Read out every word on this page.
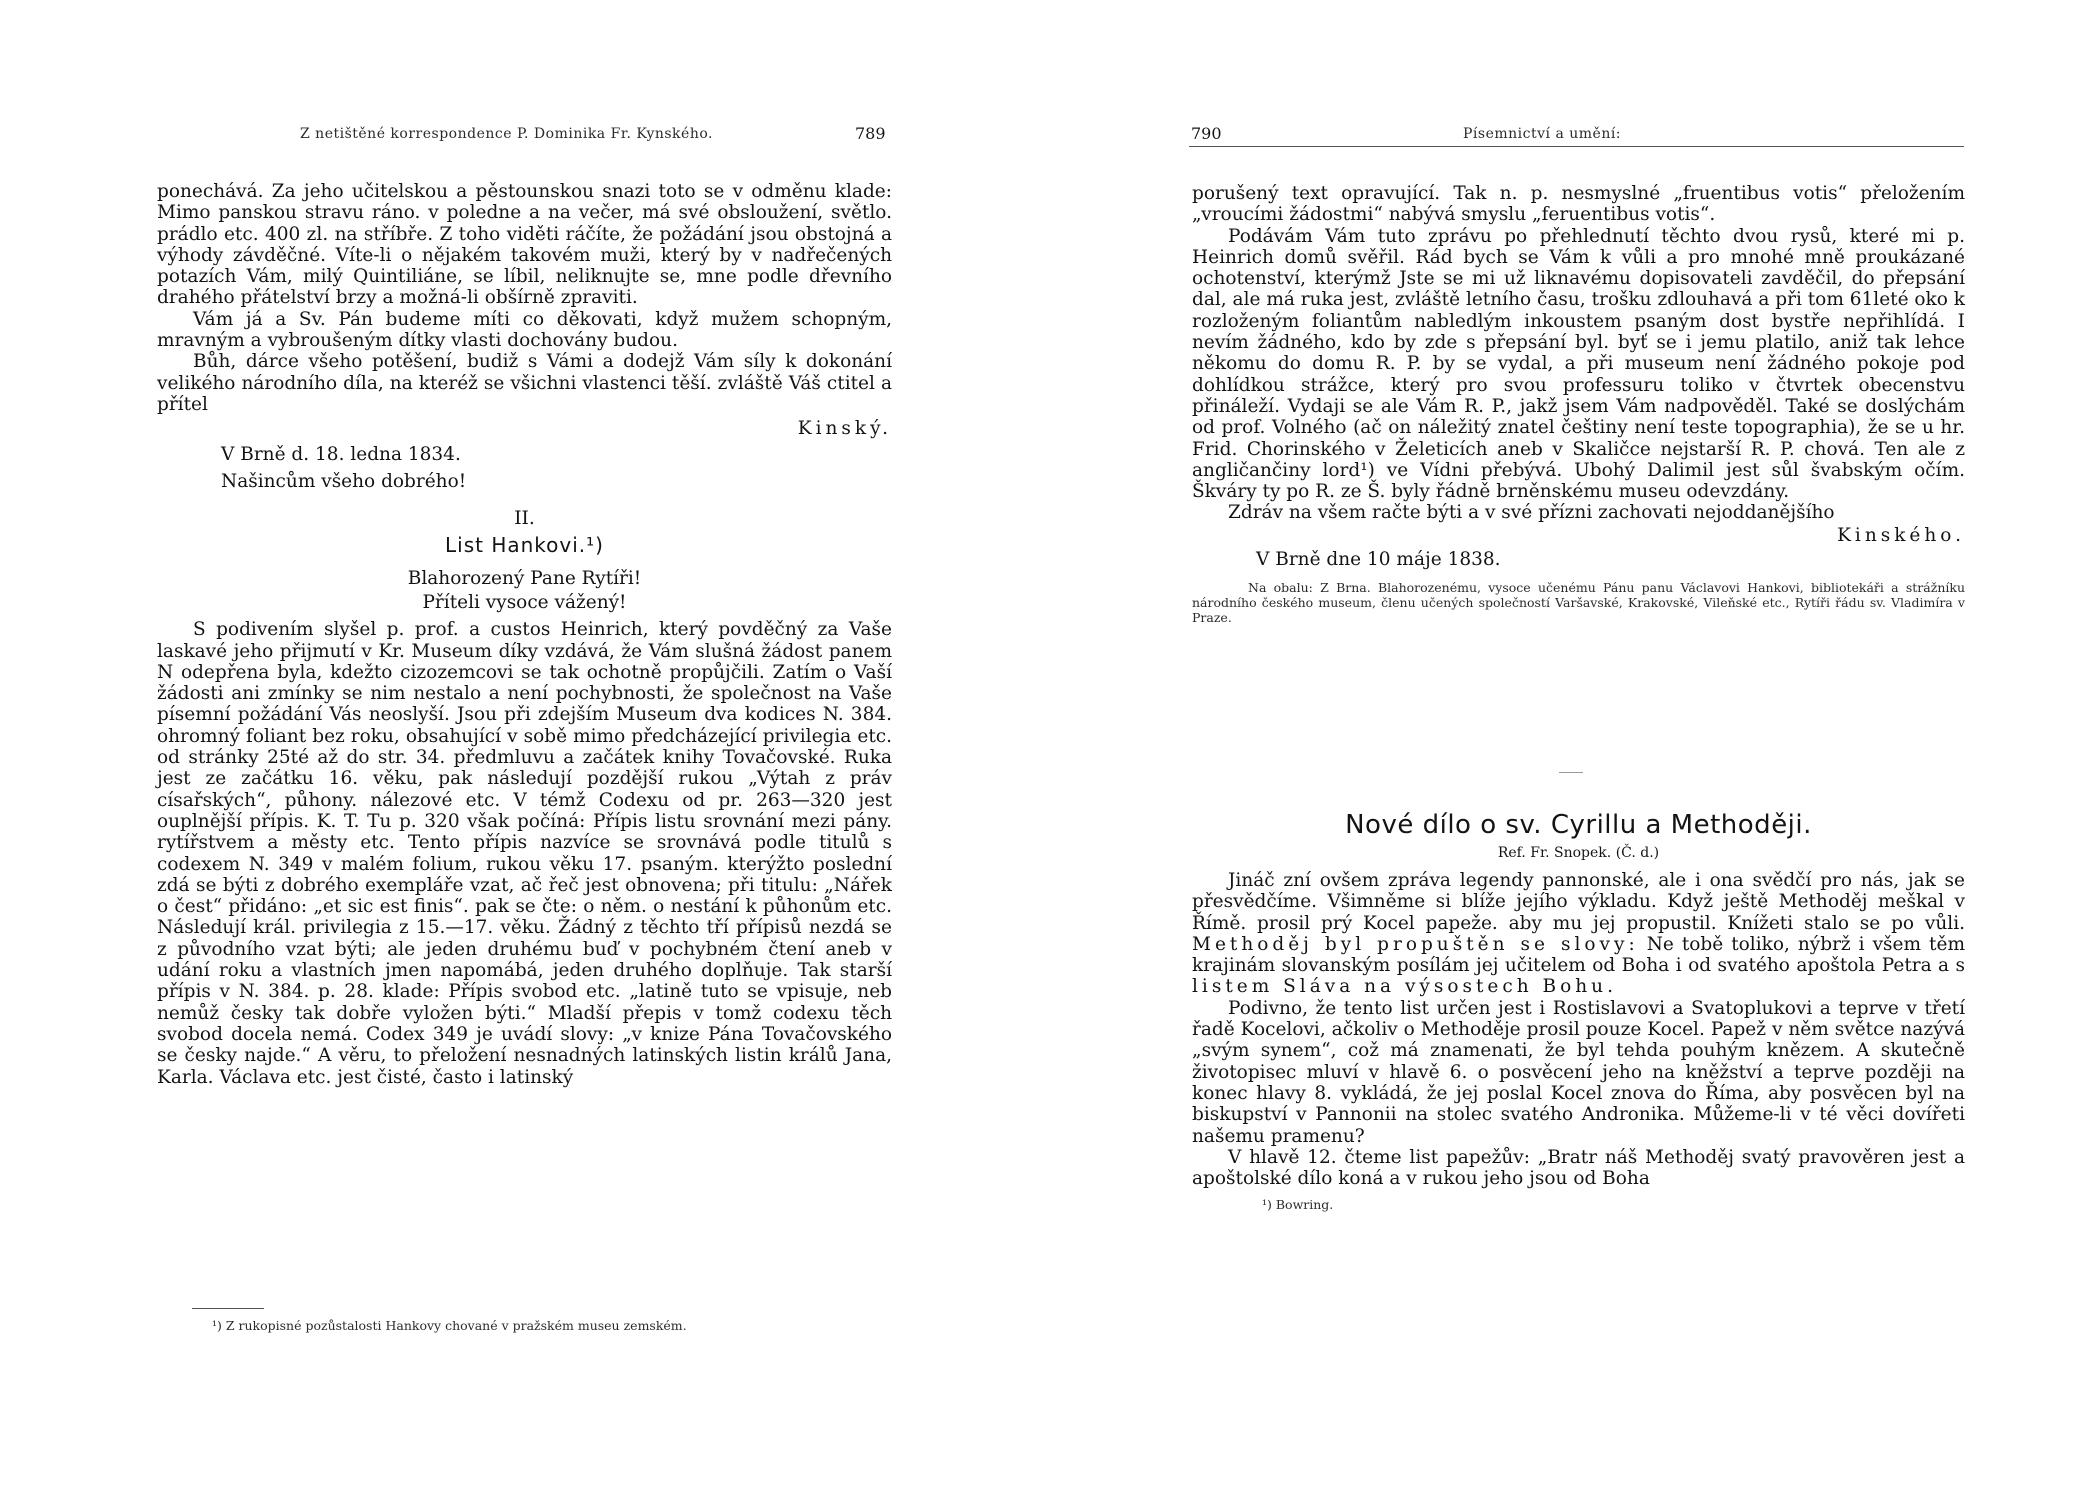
Z netištěné korrespondence P. Dominika Fr. Kynského.	789

ponechává. Za jeho učitelskou a pěstounskou snazi toto se v odměnu klade: Mimo panskou stravu ráno. v poledne a na večer, má své obsloužení, světlo. prádlo etc. 400 zl. na stříbře. Z toho viděti ráčíte, že požádání jsou obstojná a výhody závděčné. Víte-li o nějakém takovém muži, který by v nadřečených potazích Vám, milý Quintiliáne, se líbil, neliknujte se, mne podle dřevního drahého přátelství brzy a možná-li obšírně zpraviti.

Vám já a Sv. Pán budeme míti co děkovati, když mužem schopným, mravným a vybroušeným dítky vlasti dochovány budou.

Bůh, dárce všeho potěšení, budiž s Vámi a dodejž Vám síly k dokonání velikého národního díla, na kteréž se všichni vlastenci těší. zvláště Váš ctitel a přítel

Kinský.

V Brně d. 18. ledna 1834.

Našincům všeho dobrého!

II.

List Hankovi.¹)

Blahorozený Pane Rytíři!

Příteli vysoce vážený!

S podivením slyšel p. prof. a custos Heinrich, který povděčný za Vaše laskavé jeho přijmutí v Kr. Museum díky vzdává, že Vám slušná žádost panem N odepřena byla, kdežto cizozemcovi se tak ochotně propůjčili. Zatím o Vaší žádosti ani zmínky se nim nestalo a není pochybnosti, že společnost na Vaše písemní požádání Vás neoslyší. Jsou při zdejším Museum dva kodices N. 384. ohromný foliant bez roku, obsahující v sobě mimo předcházející privilegia etc. od stránky 25té až do str. 34. předmluvu a začátek knihy Tovačovské. Ruka jest ze začátku 16. věku, pak následují pozdější rukou „Výtah z práv císařských“, půhony. nálezové etc. V témž Codexu od pr. 263—320 jest ouplnější přípis. K. T. Tu p. 320 však počíná: Přípis listu srovnání mezi pány. rytířstvem a městy etc. Tento přípis nazvíce se srovnává podle titulů s codexem N. 349 v malém folium, rukou věku 17. psaným. kterýžto poslední zdá se býti z dobrého exempláře vzat, ač řeč jest obnovena; při titulu: „Nářek o čest“ přidáno: „et sic est finis“. pak se čte: o něm. o nestání k půhonům etc. Následují král. privilegia z 15.—17. věku. Žádný z těchto tří přípisů nezdá se z původního vzat býti; ale jeden druhému buď v pochybném čtení aneb v udání roku a vlastních jmen napomábá, jeden druhého doplňuje. Tak starší přípis v N. 384. p. 28. klade: Přípis svobod etc. „latině tuto se vpisuje, neb nemůž česky tak dobře vyložen býti.“ Mladší přepis v tomž codexu těch svobod docela nemá. Codex 349 je uvádí slovy: „v knize Pána Tovačovského se česky najde.“ A věru, to přeložení nesnadných latinských listin králů Jana, Karla. Václava etc. jest čisté, často i latinský

¹) Z rukopisné pozůstalosti Hankovy chované v pražském museu zemském.

790	Písemnictví a umění:

porušený text opravující. Tak n. p. nesmyslné „fruentibus votis“ přeložením „vroucími žádostmi“ nabývá smyslu „feruentibus votis“.

Podávám Vám tuto zprávu po přehlednutí těchto dvou rysů, které mi p. Heinrich domů svěřil. Rád bych se Vám k vůli a pro mnohé mně proukázané ochotenství, kterýmž Jste se mi už liknavému dopisovateli zavděčil, do přepsání dal, ale má ruka jest, zvláště letního času, trošku zdlouhavá a při tom 61leté oko k rozloženým foliantům nabledlým inkoustem psaným dost bystře nepřihlídá. I nevím žádného, kdo by zde s přepsání byl. byť se i jemu platilo, aniž tak lehce někomu do domu R. P. by se vydal, a při museum není žádného pokoje pod dohlídkou strážce, který pro svou professuru toliko v čtvrtek obecenstvu přináleží. Vydaji se ale Vám R. P., jakž jsem Vám nadpověděl. Také se doslýchám od prof. Volného (ač on náležitý znatel češtiny není teste topographia), že se u hr. Frid. Chorinského v Želeticích aneb v Skaličce nejstarší R. P. chová. Ten ale z angličančiny lord¹) ve Vídni přebývá. Ubohý Dalimil jest sůl švabským očím. Škváry ty po R. ze Š. byly řádně brněnskému museu odevzdány.

Zdráv na všem račte býti a v své přízni zachovati nejoddanějšího

Kinského.

V Brně dne 10 máje 1838.

Na obalu: Z Brna. Blahorozenému, vysoce učenému Pánu panu Václavovi Hankovi, bibliotekáři a strážníku národního českého museum, členu učených společností Varšavské, Krakovské, Vileňské etc., Rytíři řádu sv. Vladimíra v Praze.

Nové dílo o sv. Cyrillu a Methoději.

Ref. Fr. Snopek. (Č. d.)

Jináč zní ovšem zpráva legendy pannonské, ale i ona svědčí pro nás, jak se přesvědčíme. Všimněme si blíže jejího výkladu. Když ještě Methoděj meškal v Římě. prosil prý Kocel papeže. aby mu jej propustil. Knížeti stalo se po vůli. Methoděj byl propuštěn se slovy: Ne tobě toliko, nýbrž i všem těm krajinám slovanským posílám jej učitelem od Boha i od svatého apoštola Petra a s listem Sláva na výsostech Bohu.

Podivno, že tento list určen jest i Rostislavovi a Svatoplukovi a teprve v třetí řadě Kocelovi, ačkoliv o Methoděje prosil pouze Kocel. Papež v něm světce nazývá „svým synem“, což má znamenati, že byl tehda pouhým knězem. A skutečně životopisec mluví v hlavě 6. o posvěcení jeho na kněžství a teprve později na konec hlavy 8. vykládá, že jej poslal Kocel znova do Říma, aby posvěcen byl na biskupství v Pannonii na stolec svatého Andronika. Můžeme-li v té věci dovířeti našemu pramenu?

V hlavě 12. čteme list papežův: „Bratr náš Methoděj svatý pravověren jest a apoštolské dílo koná a v rukou jeho jsou od Boha

¹) Bowring.
